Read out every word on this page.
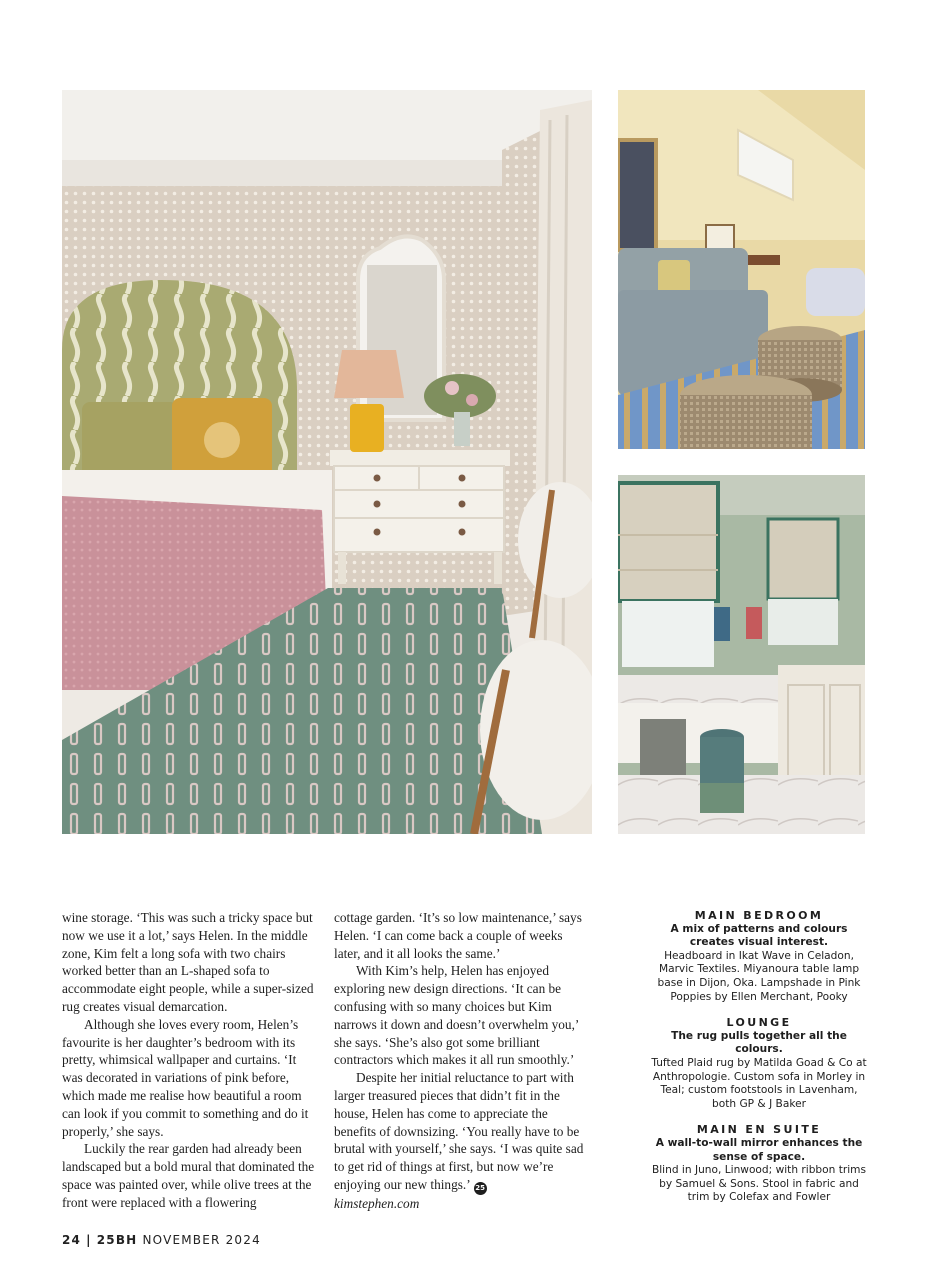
wine storage. ‘This was such a tricky space but now we use it a lot,’ says Helen. In the middle zone, Kim felt a long sofa with two chairs worked better than an L-shaped sofa to accommodate eight people, while a super-sized rug creates visual demarcation.

Although she loves every room, Helen’s favourite is her daughter’s bedroom with its pretty, whimsical wallpaper and curtains. ‘It was decorated in variations of pink before, which made me realise how beautiful a room can look if you commit to something and do it properly,’ she says.

Luckily the rear garden had already been landscaped but a bold mural that dominated the space was painted over, while olive trees at the front were replaced with a flowering

cottage garden. ‘It’s so low maintenance,’ says Helen. ‘I can come back a couple of weeks later, and it all looks the same.’

With Kim’s help, Helen has enjoyed exploring new design directions. ‘It can be confusing with so many choices but Kim narrows it down and doesn’t overwhelm you,’ she says. ‘She’s also got some brilliant contractors which makes it all run smoothly.’

Despite her initial reluctance to part with larger treasured pieces that didn’t fit in the house, Helen has come to appreciate the benefits of downsizing. ‘You really have to be brutal with yourself,’ she says. ‘I was quite sad to get rid of things at first, but now we’re enjoying our new things.’ 25

kimstephen.com
MAIN BEDROOM
A mix of patterns and colours creates visual interest.
Headboard in Ikat Wave in Celadon, Marvic Textiles. Miyanoura table lamp base in Dijon, Oka. Lampshade in Pink Poppies by Ellen Merchant, Pooky
LOUNGE
The rug pulls together all the colours.
Tufted Plaid rug by Matilda Goad & Co at Anthropologie. Custom sofa in Morley in Teal; custom footstools in Lavenham, both GP & J Baker
MAIN EN SUITE
A wall-to-wall mirror enhances the sense of space.
Blind in Juno, Linwood; with ribbon trims by Samuel & Sons. Stool in fabric and trim by Colefax and Fowler
24 | 25BH NOVEMBER 2024
